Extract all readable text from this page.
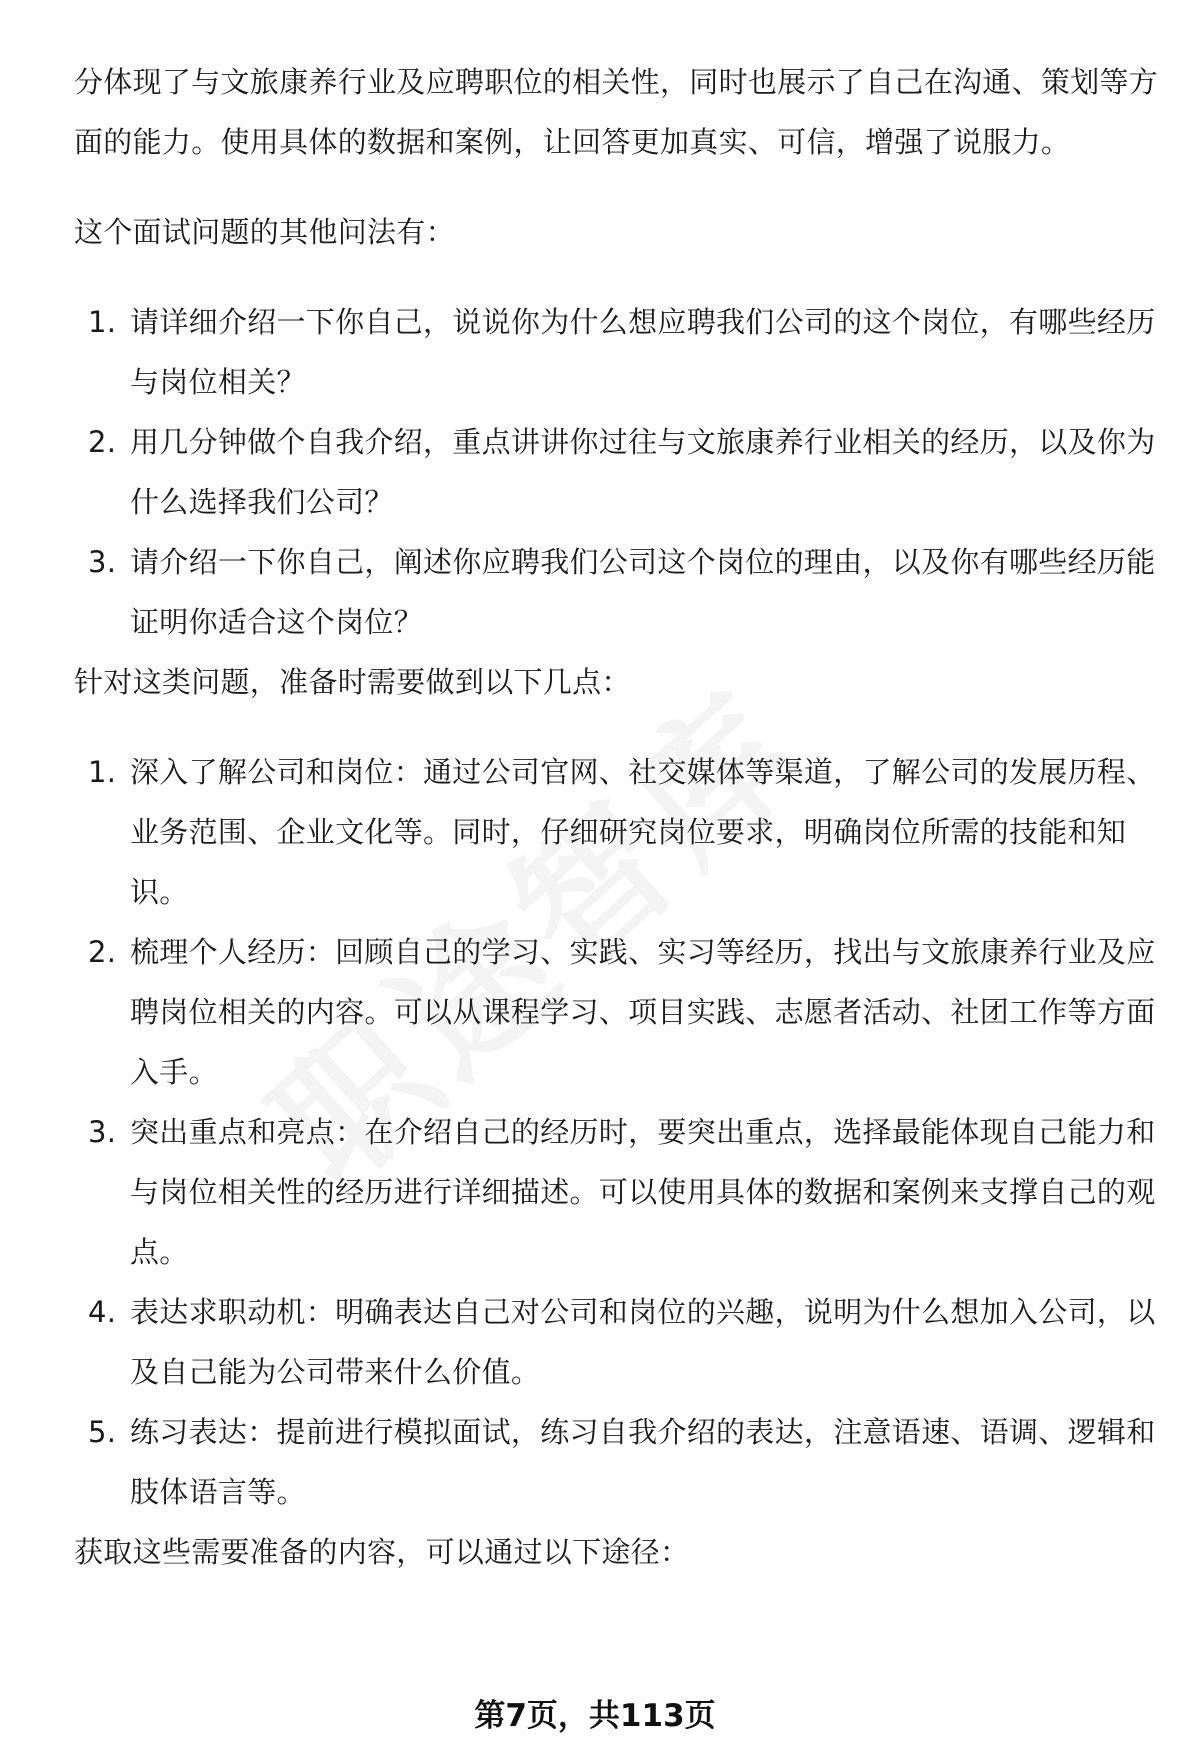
分体现了与文旅康养行业及应聘职位的相关性，同时也展示了自己在沟通、策划等方面的能力。使用具体的数据和案例，让回答更加真实、可信，增强了说服力。

这个面试问题的其他问法有：

1. 请详细介绍一下你自己，说说你为什么想应聘我们公司的这个岗位，有哪些经历与岗位相关？
2. 用几分钟做个自我介绍，重点讲讲你过往与文旅康养行业相关的经历，以及你为什么选择我们公司？
3. 请介绍一下你自己，阐述你应聘我们公司这个岗位的理由，以及你有哪些经历能证明你适合这个岗位？

针对这类问题，准备时需要做到以下几点：

1. 深入了解公司和岗位：通过公司官网、社交媒体等渠道，了解公司的发展历程、业务范围、企业文化等。同时，仔细研究岗位要求，明确岗位所需的技能和知识。
2. 梳理个人经历：回顾自己的学习、实践、实习等经历，找出与文旅康养行业及应聘岗位相关的内容。可以从课程学习、项目实践、志愿者活动、社团工作等方面入手。
3. 突出重点和亮点：在介绍自己的经历时，要突出重点，选择最能体现自己能力和与岗位相关性的经历进行详细描述。可以使用具体的数据和案例来支撑自己的观点。
4. 表达求职动机：明确表达自己对公司和岗位的兴趣，说明为什么想加入公司，以及自己能为公司带来什么价值。
5. 练习表达：提前进行模拟面试，练习自我介绍的表达，注意语速、语调、逻辑和肢体语言等。

获取这些需要准备的内容，可以通过以下途径：

第7页，共113页
